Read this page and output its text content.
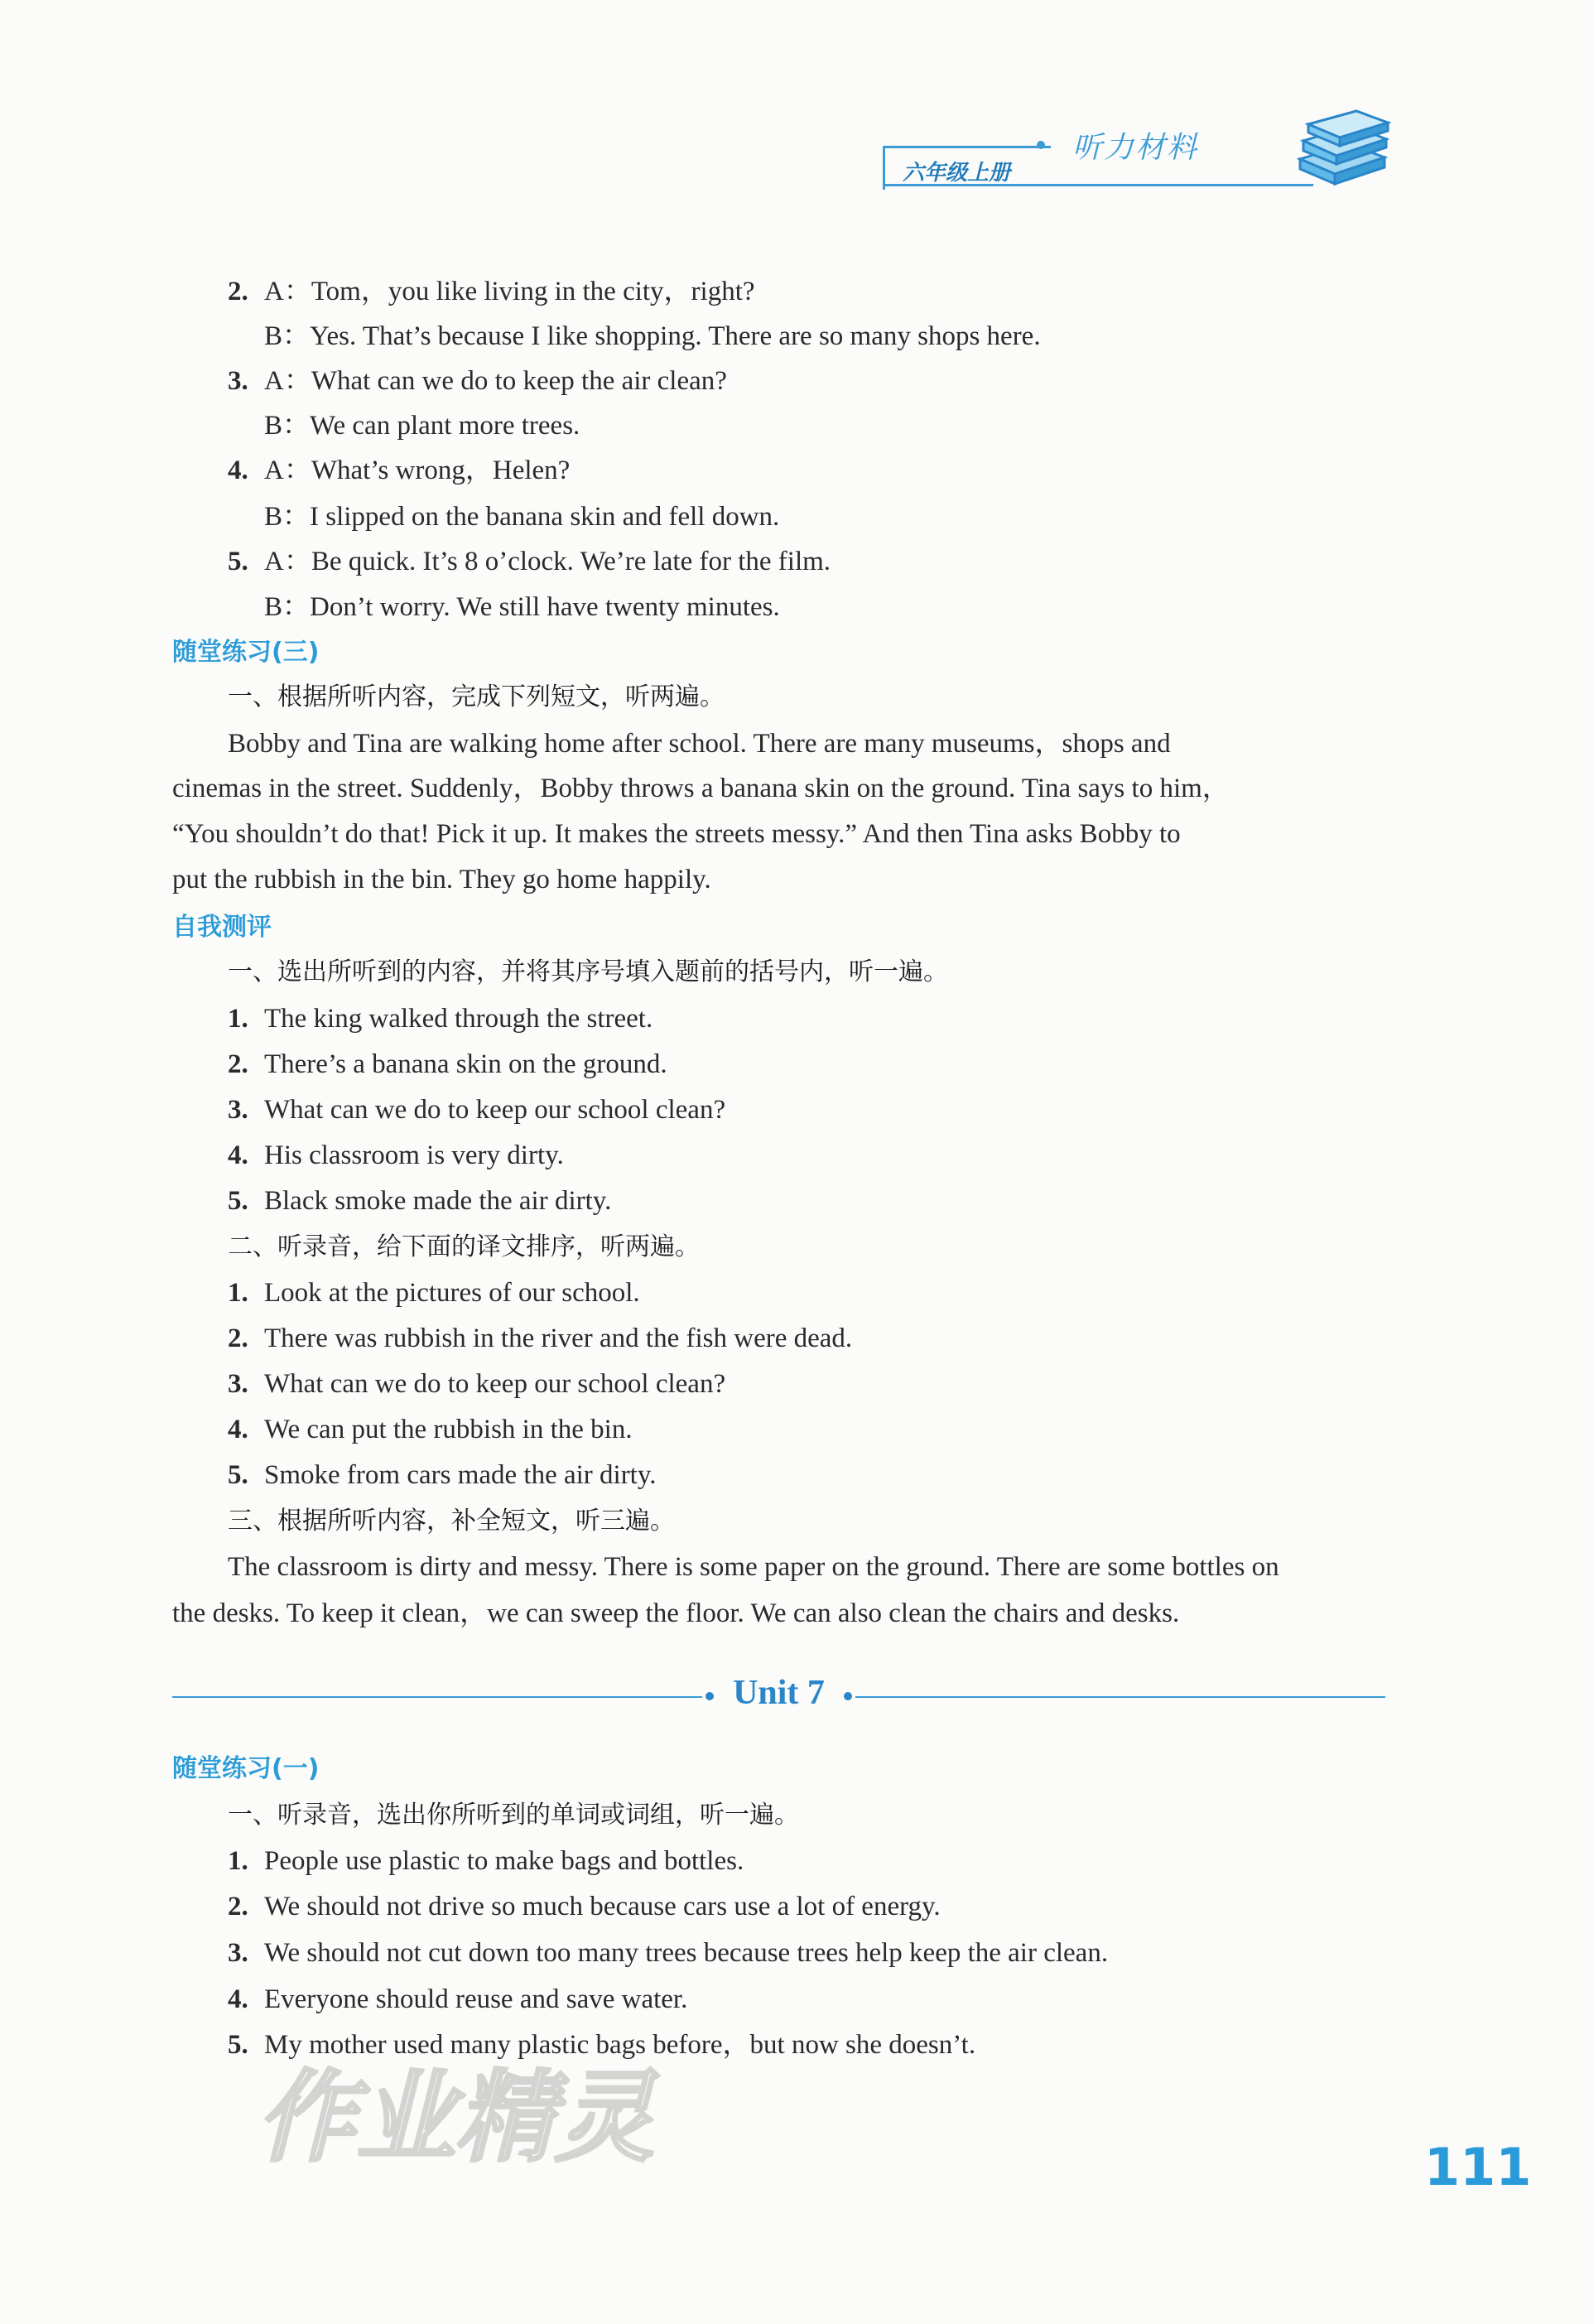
六年级上册
听力材料
2. A：Tom，you like living in the city，right?
B：Yes. That’s because I like shopping. There are so many shops here.
3. A：What can we do to keep the air clean?
B：We can plant more trees.
4. A：What’s wrong，Helen?
B：I slipped on the banana skin and fell down.
5. A：Be quick. It’s 8 o’clock. We’re late for the film.
B：Don’t worry. We still have twenty minutes.
随堂练习(三)
一、根据所听内容，完成下列短文，听两遍。
Bobby and Tina are walking home after school. There are many museums，shops and
cinemas in the street. Suddenly，Bobby throws a banana skin on the ground. Tina says to him，
“You shouldn’t do that! Pick it up. It makes the streets messy.” And then Tina asks Bobby to
put the rubbish in the bin. They go home happily.
自我测评
一、选出所听到的内容，并将其序号填入题前的括号内，听一遍。
1. The king walked through the street.
2. There’s a banana skin on the ground.
3. What can we do to keep our school clean?
4. His classroom is very dirty.
5. Black smoke made the air dirty.
二、听录音，给下面的译文排序，听两遍。
1. Look at the pictures of our school.
2. There was rubbish in the river and the fish were dead.
3. What can we do to keep our school clean?
4. We can put the rubbish in the bin.
5. Smoke from cars made the air dirty.
三、根据所听内容，补全短文，听三遍。
The classroom is dirty and messy. There is some paper on the ground. There are some bottles on
the desks. To keep it clean，we can sweep the floor. We can also clean the chairs and desks.
Unit 7
随堂练习(一)
一、听录音，选出你所听到的单词或词组，听一遍。
1. People use plastic to make bags and bottles.
2. We should not drive so much because cars use a lot of energy.
3. We should not cut down too many trees because trees help keep the air clean.
4. Everyone should reuse and save water.
5. My mother used many plastic bags before，but now she doesn’t.
作业精灵	111
